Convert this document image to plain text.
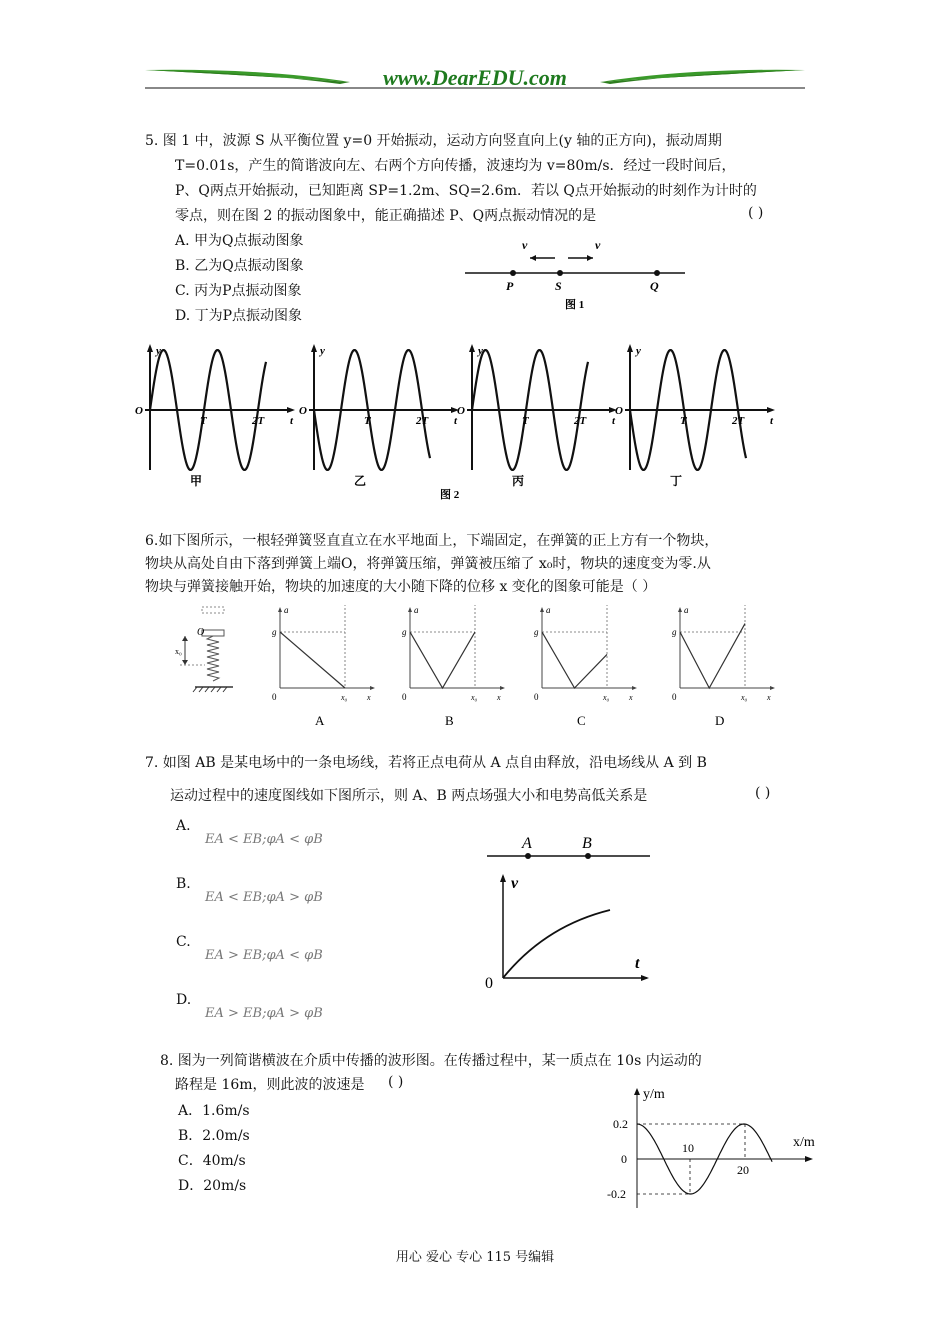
www.DearEDU.com
5. 图 1 中，波源 S 从平衡位置 y=0 开始振动，运动方向竖直向上(y 轴的正方向)，振动周期
T=0.01s，产生的简谐波向左、右两个方向传播，波速均为 v=80m/s．经过一段时间后，
P、Q两点开始振动，已知距离 SP=1.2m、SQ=2.6m．若以 Q点开始振动的时刻作为计时的
零点，则在图 2 的振动图象中，能正确描述 P、Q两点振动情况的是	( )
A. 甲为Q点振动图象
B. 乙为Q点振动图象
C. 丙为P点振动图象
D. 丁为P点振动图象
v	v
P	S	Q
图 1
y
t
O
T	2T
甲
y
t
O
T	2T
乙
y
t
O
T	2T
丙
y
t
O
T	2T
丁
图 2
6.如下图所示，一根轻弹簧竖直直立在水平地面上，下端固定，在弹簧的正上方有一个物块，
物块从高处自由下落到弹簧上端O，将弹簧压缩，弹簧被压缩了 x₀时，物块的速度变为零.从
物块与弹簧接触开始，物块的加速度的大小随下降的位移 x 变化的图象可能是（ ）
O
x₀
a
g
0	x₀ x
A
a
g
0	x₀ x
B
a
g
0	x₀ x
C
a
g
0	x₀ x
D
7. 如图 AB 是某电场中的一条电场线，若将正点电荷从 A 点自由释放，沿电场线从 A 到 B
运动过程中的速度图线如下图所示，则 A、B 两点场强大小和电势高低关系是	( )
A.
EA < EB;φA < φB
B.
EA < EB;φA > φB
C.
EA > EB;φA < φB
D.
EA > EB;φA > φB
A	B
v
t
0
8. 图为一列简谐横波在介质中传播的波形图。在传播过程中，某一质点在 10s 内运动的
路程是 16m，则此波的波速是 ( )
A．1.6m/s
B．2.0m/s
C．40m/s
D．20m/s
y/m
x/m
0.2
0
-0.2
10
20
用心 爱心 专心 115 号编辑
